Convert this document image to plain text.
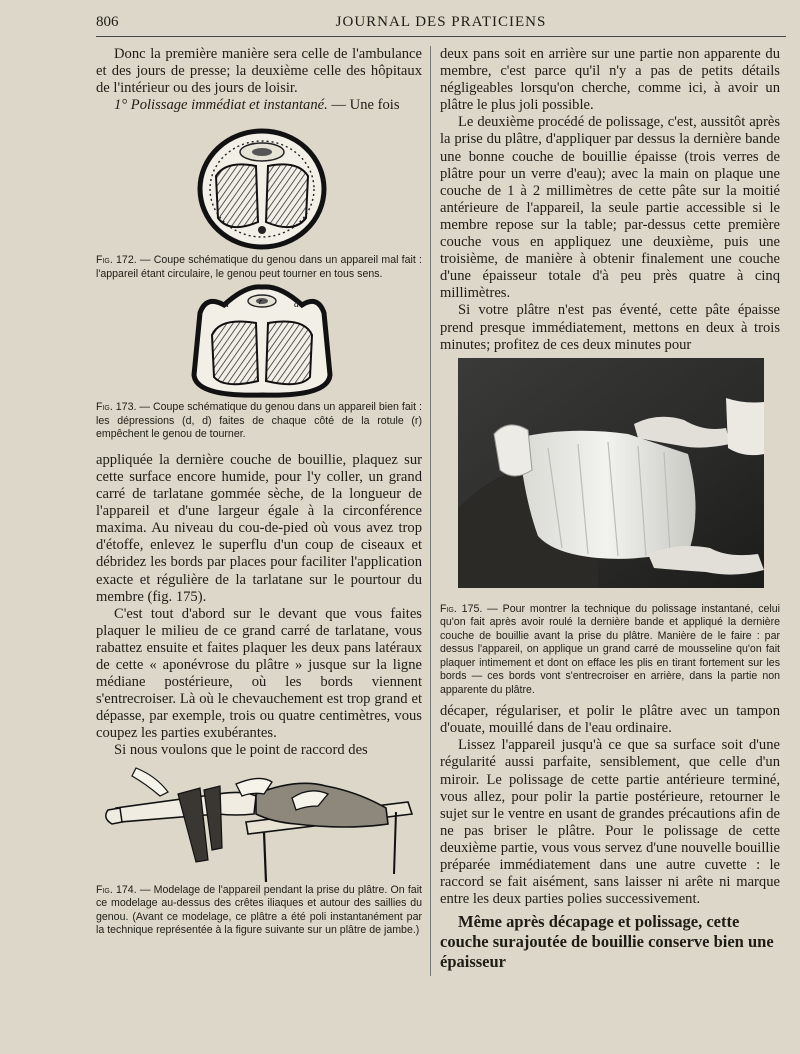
806	JOURNAL DES PRATICIENS

Donc la première manière sera celle de l'ambulance et des jours de presse; la deuxième celle des hôpitaux de l'intérieur ou des jours de loisir.

1° Polissage immédiat et instantané. — Une fois

Fig. 172. — Coupe schématique du genou dans un appareil mal fait : l'appareil étant circulaire, le genou peut tourner en tous sens.

d	d
r

Fig. 173. — Coupe schématique du genou dans un appareil bien fait : les dépressions (d, d) faites de chaque côté de la rotule (r) empêchent le genou de tourner.

appliquée la dernière couche de bouillie, plaquez sur cette surface encore humide, pour l'y coller, un grand carré de tarlatane gommée sèche, de la longueur de l'appareil et d'une largeur égale à la circonférence maxima. Au niveau du cou-de-pied où vous avez trop d'étoffe, enlevez le superflu d'un coup de ciseaux et débridez les bords par places pour faciliter l'application exacte et régulière de la tarlatane sur le pourtour du membre (fig. 175).

C'est tout d'abord sur le devant que vous faites plaquer le milieu de ce grand carré de tarlatane, vous rabattez ensuite et faites plaquer les deux pans latéraux de cette « aponévrose du plâtre » jusque sur la ligne médiane postérieure, où les bords viennent s'entrecroiser. Là où le chevauchement est trop grand et dépasse, par exemple, trois ou quatre centimètres, vous coupez les parties exubérantes.

Si nous voulons que le point de raccord des

Fig. 174. — Modelage de l'appareil pendant la prise du plâtre. On fait ce modelage au-dessus des crêtes iliaques et autour des saillies du genou. (Avant ce modelage, ce plâtre a été poli instantanément par la technique représentée à la figure suivante sur un plâtre de jambe.)

deux pans soit en arrière sur une partie non apparente du membre, c'est parce qu'il n'y a pas de petits détails négligeables lorsqu'on cherche, comme ici, à avoir un plâtre le plus joli possible.

Le deuxième procédé de polissage, c'est, aussitôt après la prise du plâtre, d'appliquer par dessus la dernière bande une bonne couche de bouillie épaisse (trois verres de plâtre pour un verre d'eau); avec la main on plaque une couche de 1 à 2 millimètres de cette pâte sur la moitié antérieure de l'appareil, la seule partie accessible si le membre repose sur la table; par-dessus cette première couche vous en appliquez une deuxième, puis une troisième, de manière à obtenir finalement une couche d'une épaisseur totale d'à peu près quatre à cinq millimètres.

Si votre plâtre n'est pas éventé, cette pâte épaisse prend presque immédiatement, mettons en deux à trois minutes; profitez de ces deux minutes pour

Fig. 175. — Pour montrer la technique du polissage instantané, celui qu'on fait après avoir roulé la dernière bande et appliqué la dernière couche de bouillie avant la prise du plâtre. Manière de le faire : par dessus l'appareil, on applique un grand carré de mousseline qu'on fait plaquer intimement et dont on efface les plis en tirant fortement sur les bords — ces bords vont s'entrecroiser en arrière, dans la partie non apparente du plâtre.

décaper, régulariser, et polir le plâtre avec un tampon d'ouate, mouillé dans de l'eau ordinaire.

Lissez l'appareil jusqu'à ce que sa surface soit d'une régularité aussi parfaite, sensiblement, que celle d'un miroir. Le polissage de cette partie antérieure terminé, vous allez, pour polir la partie postérieure, retourner le sujet sur le ventre en usant de grandes précautions afin de ne pas briser le plâtre. Pour le polissage de cette deuxième partie, vous vous servez d'une nouvelle bouillie préparée immédiatement dans une autre cuvette : le raccord se fait aisément, sans laisser ni arête ni marque entre les deux parties polies successivement.

Même après décapage et polissage, cette couche surajoutée de bouillie conserve bien une épaisseur
